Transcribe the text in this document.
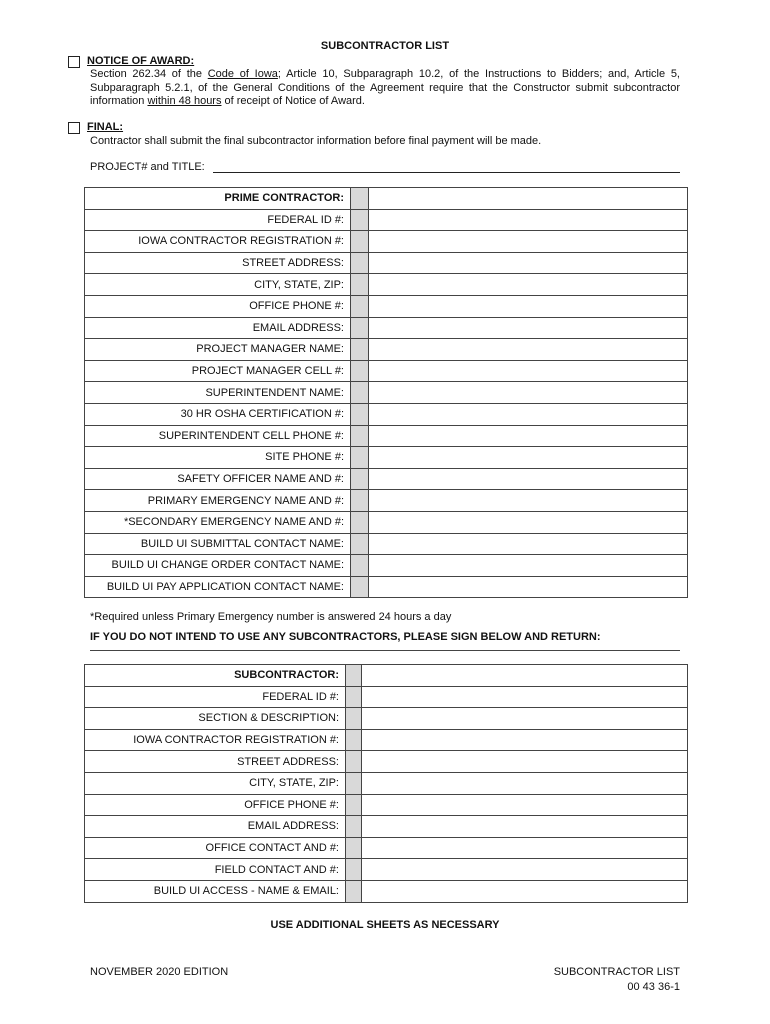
SUBCONTRACTOR LIST
NOTICE OF AWARD:
Section 262.34 of the Code of Iowa; Article 10, Subparagraph 10.2, of the Instructions to Bidders; and, Article 5, Subparagraph 5.2.1, of the General Conditions of the Agreement require that the Constructor submit subcontractor information within 48 hours of receipt of Notice of Award.
FINAL:
Contractor shall submit the final subcontractor information before final payment will be made.
PROJECT# and TITLE:
PRIME CONTRACTOR:		
FEDERAL ID #:		
IOWA CONTRACTOR REGISTRATION #:		
STREET ADDRESS:		
CITY, STATE, ZIP:		
OFFICE PHONE #:		
EMAIL ADDRESS:		
PROJECT MANAGER NAME:		
PROJECT MANAGER CELL #:		
SUPERINTENDENT NAME:		
30 HR OSHA CERTIFICATION #:		
SUPERINTENDENT CELL PHONE #:		
SITE PHONE #:		
SAFETY OFFICER NAME AND #:		
PRIMARY EMERGENCY NAME AND #:		
*SECONDARY EMERGENCY NAME AND #:		
BUILD UI SUBMITTAL CONTACT NAME:		
BUILD UI CHANGE ORDER CONTACT NAME:		
BUILD UI PAY APPLICATION CONTACT NAME:		
*Required unless Primary Emergency number is answered 24 hours a day
IF YOU DO NOT INTEND TO USE ANY SUBCONTRACTORS, PLEASE SIGN BELOW AND RETURN:
SUBCONTRACTOR:		
FEDERAL ID #:		
SECTION & DESCRIPTION:		
IOWA CONTRACTOR REGISTRATION #:		
STREET ADDRESS:		
CITY, STATE, ZIP:		
OFFICE PHONE #:		
EMAIL ADDRESS:		
OFFICE CONTACT AND #:		
FIELD CONTACT AND #:		
BUILD UI ACCESS - NAME & EMAIL:		
USE ADDITIONAL SHEETS AS NECESSARY
NOVEMBER 2020 EDITION	SUBCONTRACTOR LIST
00 43 36-1
